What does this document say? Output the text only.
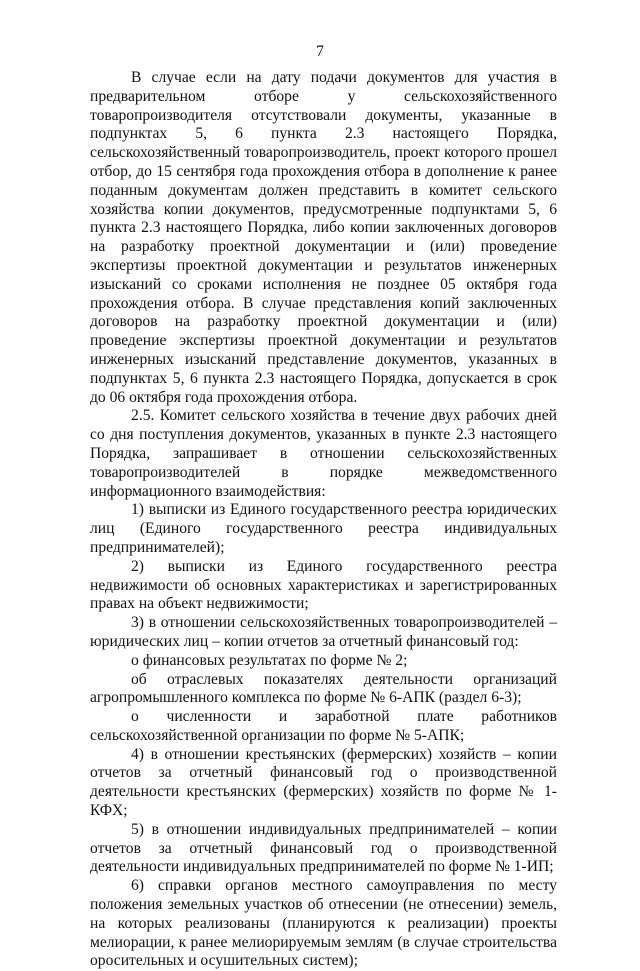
7

В случае если на дату подачи документов для участия в предварительном отборе у сельскохозяйственного товаропроизводителя отсутствовали документы, указанные в подпунктах 5, 6 пункта 2.3 настоящего Порядка, сельскохозяйственный товаропроизводитель, проект которого прошел отбор, до 15 сентября года прохождения отбора в дополнение к ранее поданным документам должен представить в комитет сельского хозяйства копии документов, предусмотренные подпунктами 5, 6 пункта 2.3 настоящего Порядка, либо копии заключенных договоров на разработку проектной документации и (или) проведение экспертизы проектной документации и результатов инженерных изысканий со сроками исполнения не позднее 05 октября года прохождения отбора. В случае представления копий заключенных договоров на разработку проектной документации и (или) проведение экспертизы проектной документации и результатов инженерных изысканий представление документов, указанных в подпунктах 5, 6 пункта 2.3 настоящего Порядка, допускается в срок до 06 октября года прохождения отбора.

2.5. Комитет сельского хозяйства в течение двух рабочих дней со дня поступления документов, указанных в пункте 2.3 настоящего Порядка, запрашивает в отношении сельскохозяйственных товаропроизводителей в порядке межведомственного информационного взаимодействия:

1) выписки из Единого государственного реестра юридических лиц (Единого государственного реестра индивидуальных предпринимателей);

2) выписки из Единого государственного реестра недвижимости об основных характеристиках и зарегистрированных правах на объект недвижимости;

3) в отношении сельскохозяйственных товаропроизводителей – юридических лиц – копии отчетов за отчетный финансовый год:

о финансовых результатах по форме № 2;

об отраслевых показателях деятельности организаций агропромышленного комплекса по форме № 6-АПК (раздел 6-3);

о численности и заработной плате работников сельскохозяйственной организации по форме № 5-АПК;

4) в отношении крестьянских (фермерских) хозяйств – копии отчетов за отчетный финансовый год о производственной деятельности крестьянских (фермерских) хозяйств по форме № 1-КФХ;

5) в отношении индивидуальных предпринимателей – копии отчетов за отчетный финансовый год о производственной деятельности индивидуальных предпринимателей по форме № 1-ИП;

6) справки органов местного самоуправления по месту положения земельных участков об отнесении (не отнесении) земель, на которых реализованы (планируются к реализации) проекты мелиорации, к ранее мелиорируемым землям (в случае строительства оросительных и осушительных систем);
